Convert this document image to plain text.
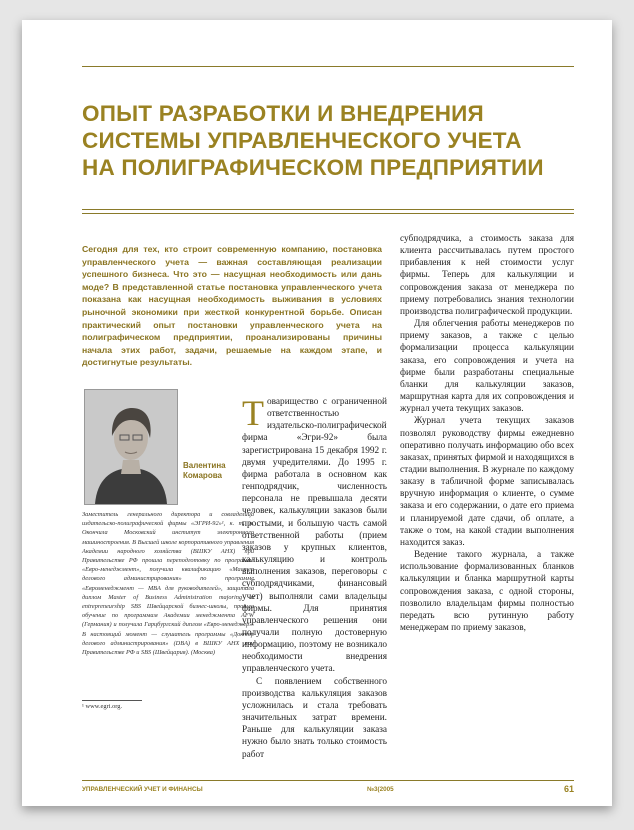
ОПЫТ РАЗРАБОТКИ И ВНЕДРЕНИЯ
СИСТЕМЫ УПРАВЛЕНЧЕСКОГО УЧЕТА
НА ПОЛИГРАФИЧЕСКОМ ПРЕДПРИЯТИИ

Сегодня для тех, кто строит современную компанию, постановка управленческого учета — важная составляющая реализации успешного бизнеса. Что это — насущная необходимость или дань моде? В представленной статье постановка управленческого учета показана как насущная необходимость выживания в условиях рыночной экономики при жесткой конкурентной борьбе. Описан практический опыт постановки управленческого учета на полиграфическом предприятии, проанализированы причины начала этих работ, задачи, решаемые на каждом этапе, и достигнутые результаты.

Валентина
Комарова

Заместитель генерального директора и совладелица издательско-полиграфической фирмы «ЭГРИ-92»¹, к. т. н. Окончила Московский институт электронного машиностроения. В Высшей школе корпоративного управления Академии народного хозяйства (ВШКУ АНХ) при Правительстве РФ прошла переподготовку по программе «Евро-менеджмент», получила квалификацию «Мастер делового администрирования» по программе «Евроменеджмент — MBA для руководителей», защитила диплом Master of Business Administration majoring in entrepreneurship SBS Швейцарской бизнес-школы, прошла обучение по программам Академии менеджмента AFW (Германия) и получила Гарцбургский диплом «Евро-менеджер». В настоящий момент — слушатель программы «Доктор делового администрирования» (DBA) в ВШКУ АНХ при Правительстве РФ и SBS (Швейцария). (Москва)

¹ www.egri.org.

Товарищество с ограниченной ответственностью издательско-полиграфической фирма «Эгри-92» была зарегистрирована 15 декабря 1992 г. двумя учредителями. До 1995 г. фирма работала в основном как генподрядчик, численность персонала не превышала десяти человек, калькуляции заказов были простыми, и большую часть самой ответственной работы (прием заказов у крупных клиентов, калькуляцию и контроль выполнения заказов, переговоры с субподрядчиками, финансовый учет) выполняли сами владельцы фирмы. Для принятия управленческого решения они получали полную достоверную информацию, поэтому не возникало необходимости внедрения управленческого учета.

С появлением собственного производства калькуляция заказов усложнилась и стала требовать значительных затрат времени. Раньше для калькуляции заказа нужно было знать только стоимость работ

субподрядчика, а стоимость заказа для клиента рассчитывалась путем простого прибавления к ней стоимости услуг фирмы. Теперь для калькуляции и сопровождения заказа от менеджера по приему потребовались знания технологии производства полиграфической продукции.

Для облегчения работы менеджеров по приему заказов, а также с целью формализации процесса калькуляции заказа, его сопровождения и учета на фирме были разработаны специальные бланки для калькуляции заказов, маршрутная карта для их сопровождения и журнал учета текущих заказов.

Журнал учета текущих заказов позволял руководству фирмы ежедневно оперативно получать информацию обо всех заказах, принятых фирмой и находящихся в стадии выполнения. В журнале по каждому заказу в табличной форме записывалась вручную информация о клиенте, о сумме заказа и его содержании, о дате его приема и планируемой дате сдачи, об оплате, а также о том, на какой стадии выполнения находится заказ.

Ведение такого журнала, а также использование формализованных бланков калькуляции и бланка маршрутной карты сопровождения заказа, с одной стороны, позволило владельцам фирмы полностью передать всю рутинную работу менеджерам по приему заказов,

УПРАВЛЕНЧЕСКИЙ УЧЕТ И ФИНАНСЫ	№3(2005	61
